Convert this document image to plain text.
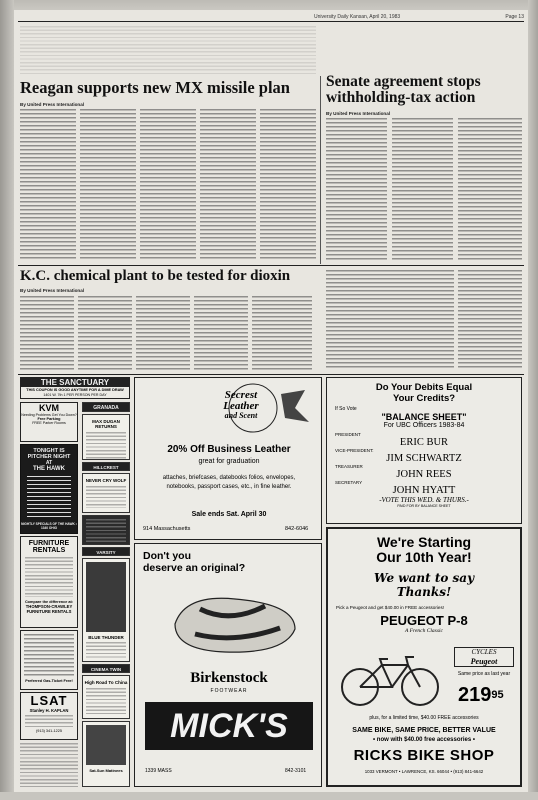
University Daily Kansan, April 20, 1983	Page 13
Reagan supports new MX missile plan
By United Press International
Senate agreement stops
withholding-tax action
By United Press International
K.C. chemical plant to be tested for dioxin
By United Press International
THE SANCTUARY
THIS COUPON IS GOOD ANYTIME FOR A DIME DRAW
1401 W. 7th 1 PER PERSON PER DAY
KVM
Needing Problems Get You Down?
Free Parking
FREE Parker Rooms
TONIGHT IS
PITCHER NIGHT
AT
THE HAWK
NIGHTLY SPECIALS OF THE HAWK • 1340 OHIO
FURNITURE
RENTALS
Compare the difference at:
THOMPSON-CRAWLEY
FURNITURE RENTALS
Preferred Gas-Ticket Free!
LSAT
Stanley H. KAPLAN
(913) 341-1225
GRANADA
MAX DUGAN RETURNS
HILLCREST
NEVER CRY WOLF
VARSITY
BLUE THUNDER
CINEMA TWIN
High Road To China
Sat-Sun Matinees
Secrest
Leather
and Scent
20% Off Business Leather
great for graduation
attaches, briefcases, datebooks folios, envelopes, notebooks, passport cases, etc., in fine leather.
Sale ends Sat. April 30
914 Massachusetts	842-6046
Don't you
deserve an original?
Birkenstock
FOOTWEAR
MICK'S
1339 MASS	842-3101
Do Your Debits Equal
Your Credits?
If So Vote
"BALANCE SHEET"
For UBC Officers 1983-84
PRESIDENT
ERIC BUR
VICE-PRESIDENT:
JIM SCHWARTZ
TREASURER
JOHN REES
SECRETARY
JOHN HYATT
-VOTE THIS WED. & THURS.-
PAID FOR BY BALANCE SHEET
We're Starting
Our 10th Year!
We want to say Thanks!
Pick a Peugeot and get $40.00 in FREE accessories!
PEUGEOT P-8
A French Classic
CYCLES
Peugeot
Same price as last year
$219^{95}$
plus, for a limited time, $40.00 FREE accessories
SAME BIKE, SAME PRICE, BETTER VALUE
• now with $40.00 free accessories •
RICKS BIKE SHOP
1033 VERMONT • LAWRENCE, KS. 66044 • (913) 841-6642
